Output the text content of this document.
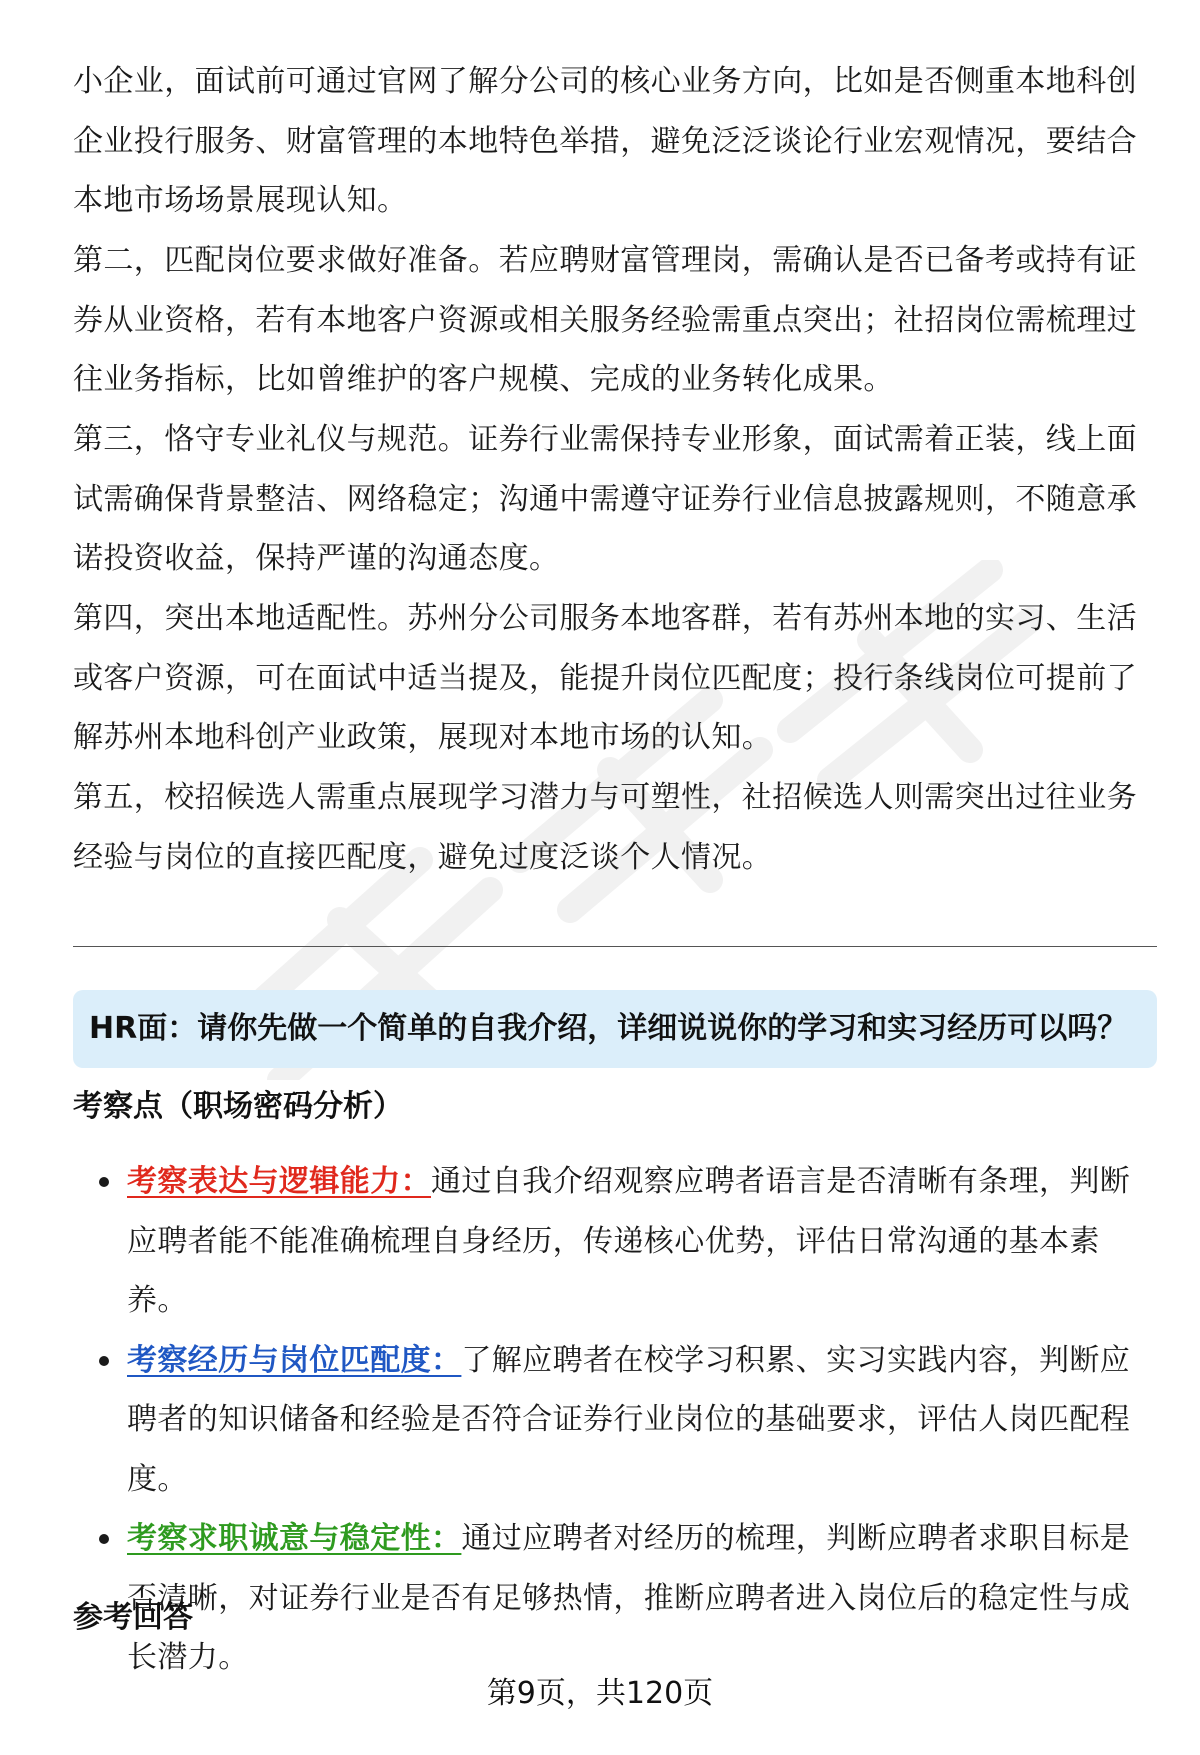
小企业，面试前可通过官网了解分公司的核心业务方向，比如是否侧重本地科创企业投行服务、财富管理的本地特色举措，避免泛泛谈论行业宏观情况，要结合本地市场场景展现认知。

第二，匹配岗位要求做好准备。若应聘财富管理岗，需确认是否已备考或持有证券从业资格，若有本地客户资源或相关服务经验需重点突出；社招岗位需梳理过往业务指标，比如曾维护的客户规模、完成的业务转化成果。

第三，恪守专业礼仪与规范。证券行业需保持专业形象，面试需着正装，线上面试需确保背景整洁、网络稳定；沟通中需遵守证券行业信息披露规则，不随意承诺投资收益，保持严谨的沟通态度。

第四，突出本地适配性。苏州分公司服务本地客群，若有苏州本地的实习、生活或客户资源，可在面试中适当提及，能提升岗位匹配度；投行条线岗位可提前了解苏州本地科创产业政策，展现对本地市场的认知。

第五，校招候选人需重点展现学习潜力与可塑性，社招候选人则需突出过往业务经验与岗位的直接匹配度，避免过度泛谈个人情况。

HR面：请你先做一个简单的自我介绍，详细说说你的学习和实习经历可以吗？
考察点（职场密码分析）
考察表达与逻辑能力：通过自我介绍观察应聘者语言是否清晰有条理，判断应聘者能不能准确梳理自身经历，传递核心优势，评估日常沟通的基本素养。
考察经历与岗位匹配度：了解应聘者在校学习积累、实习实践内容，判断应聘者的知识储备和经验是否符合证券行业岗位的基础要求，评估人岗匹配程度。
考察求职诚意与稳定性：通过应聘者对经历的梳理，判断应聘者求职目标是否清晰，对证券行业是否有足够热情，推断应聘者进入岗位后的稳定性与成长潜力。
参考回答
第9页，共120页
